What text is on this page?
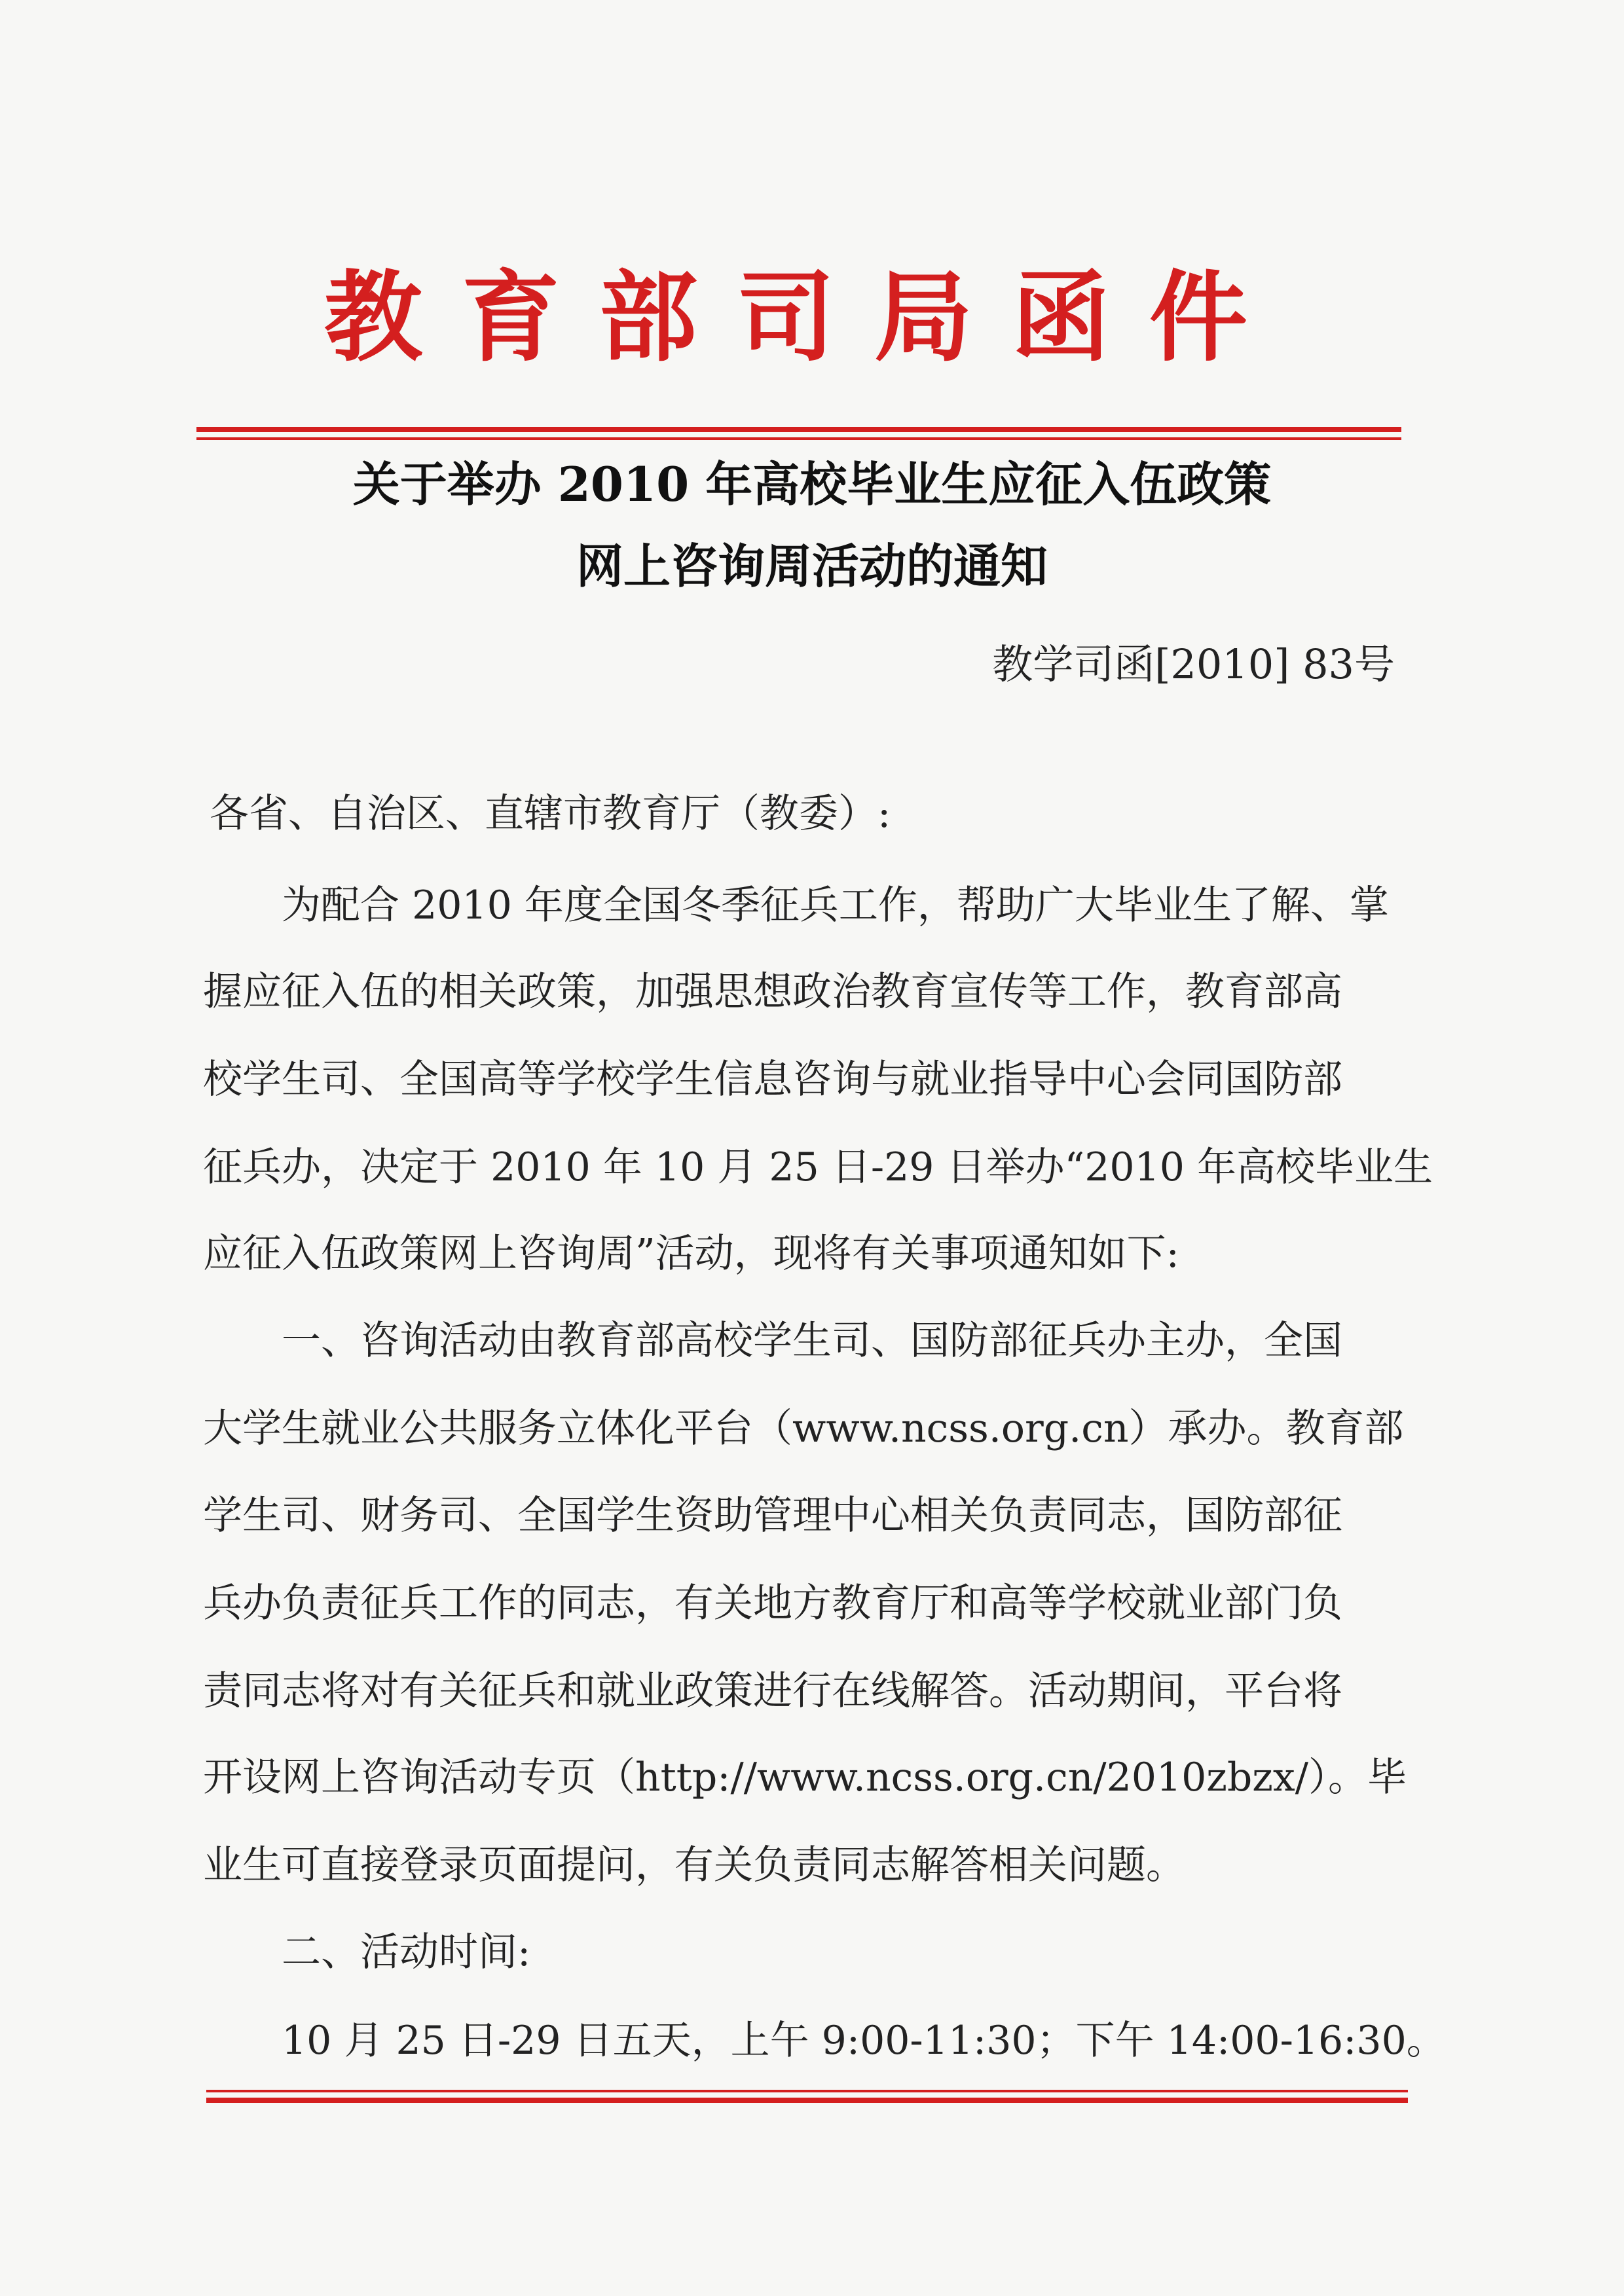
教育部司局函件
关于举办 2010 年高校毕业生应征入伍政策
网上咨询周活动的通知
教学司函[2010] 83号
各省、自治区、直辖市教育厅（教委）:
为配合 2010 年度全国冬季征兵工作，帮助广大毕业生了解、掌
握应征入伍的相关政策，加强思想政治教育宣传等工作，教育部高
校学生司、全国高等学校学生信息咨询与就业指导中心会同国防部
征兵办，决定于 2010 年 10 月 25 日-29 日举办“2010 年高校毕业生
应征入伍政策网上咨询周”活动，现将有关事项通知如下:
一、咨询活动由教育部高校学生司、国防部征兵办主办，全国
大学生就业公共服务立体化平台（www.ncss.org.cn）承办。教育部
学生司、财务司、全国学生资助管理中心相关负责同志，国防部征
兵办负责征兵工作的同志，有关地方教育厅和高等学校就业部门负
责同志将对有关征兵和就业政策进行在线解答。活动期间，平台将
开设网上咨询活动专页（http://www.ncss.org.cn/2010zbzx/）。毕
业生可直接登录页面提问，有关负责同志解答相关问题。
二、活动时间:
10 月 25 日-29 日五天，上午 9:00-11:30；下午 14:00-16:30。
